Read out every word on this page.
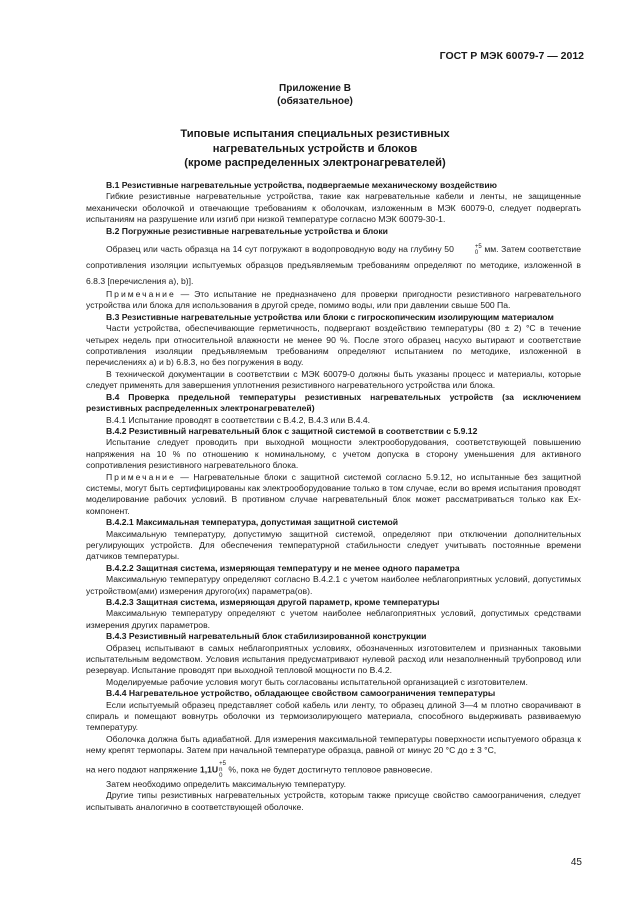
ГОСТ Р МЭК 60079-7 — 2012
Приложение В
(обязательное)
Типовые испытания специальных резистивных
нагревательных устройств и блоков
(кроме распределенных электронагревателей)

В.1 Резистивные нагревательные устройства, подвергаемые механическому воздействию

Гибкие резистивные нагревательные устройства, такие как нагревательные кабели и ленты, не защищенные механически оболочкой и отвечающие требованиям к оболочкам, изложенным в МЭК 60079-0, следует подвергать испытаниям на разрушение или изгиб при низкой температуре согласно МЭК 60079-30-1.

В.2 Погружные резистивные нагревательные устройства и блоки

Образец или часть образца на 14 сут погружают в водопроводную воду на глубину 50	+5
0 мм. Затем соответствие сопротивления изоляции испытуемых образцов предъявляемым требованиям определяют по методике, изложенной в 6.8.3 [перечисления а), b)].

Примечание — Это испытание не предназначено для проверки пригодности резистивного нагревательного устройства или блока для использования в другой среде, помимо воды, или при давлении свыше 500 Па.

В.3 Резистивные нагревательные устройства или блоки с гигроскопическим изолирующим материалом

Части устройства, обеспечивающие герметичность, подвергают воздействию температуры (80 ± 2) °С в течение четырех недель при относительной влажности не менее 90 %. После этого образец насухо вытирают и соответствие сопротивления изоляции предъявляемым требованиям определяют испытанием по методике, изложенной в перечислениях а) и b) 6.8.3, но без погружения в воду.

В технической документации в соответствии с МЭК 60079-0 должны быть указаны процесс и материалы, которые следует применять для завершения уплотнения резистивного нагревательного устройства или блока.

В.4 Проверка предельной температуры резистивных нагревательных устройств (за исключением резистивных распределенных электронагревателей)

В.4.1 Испытание проводят в соответствии с В.4.2, В.4.3 или В.4.4.

В.4.2 Резистивный нагревательный блок с защитной системой в соответствии с 5.9.12

Испытание следует проводить при выходной мощности электрооборудования, соответствующей повышению напряжения на 10 % по отношению к номинальному, с учетом допуска в сторону уменьшения для активного сопротивления резистивного нагревательного блока.

Примечание — Нагревательные блоки с защитной системой согласно 5.9.12, но испытанные без защитной системы, могут быть сертифицированы как электрооборудование только в том случае, если во время испытания проводят моделирование рабочих условий. В противном случае нагревательный блок может рассматриваться только как Ex-компонент.

В.4.2.1 Максимальная температура, допустимая защитной системой

Максимальную температуру, допустимую защитной системой, определяют при отключении дополнительных регулирующих устройств. Для обеспечения температурной стабильности следует учитывать постоянные времени датчиков температуры.

В.4.2.2 Защитная система, измеряющая температуру и не менее одного параметра

Максимальную температуру определяют согласно В.4.2.1 с учетом наиболее неблагоприятных условий, допустимых устройством(ами) измерения другого(их) параметра(ов).

В.4.2.3 Защитная система, измеряющая другой параметр, кроме температуры

Максимальную температуру определяют с учетом наиболее неблагоприятных условий, допустимых средствами измерения других параметров.

В.4.3 Резистивный нагревательный блок стабилизированной конструкции

Образец испытывают в самых неблагоприятных условиях, обозначенных изготовителем и признанных таковыми испытательным ведомством. Условия испытания предусматривают нулевой расход или незаполненный трубопровод или резервуар. Испытание проводят при выходной тепловой мощности по В.4.2.

Моделируемые рабочие условия могут быть согласованы испытательной организацией с изготовителем.

В.4.4 Нагревательное устройство, обладающее свойством самоограничения температуры

Если испытуемый образец представляет собой кабель или ленту, то образец длиной 3—4 м плотно сворачивают в спираль и помещают вовнутрь оболочки из термоизолирующего материала, способного выдерживать развиваемую температуру.

Оболочка должна быть адиабатной. Для измерения максимальной температуры поверхности испытуемого образца к нему крепят термопары. Затем при начальной температуре образца, равной от минус 20 °С до ± 3 °С,

на него подают напряжение 1,1U
+5
n
0
%, пока не будет достигнуто тепловое равновесие.

Затем необходимо определить максимальную температуру.

Другие типы резистивных нагревательных устройств, которым также присуще свойство самоограничения, следует испытывать аналогично в соответствующей оболочке.

45
